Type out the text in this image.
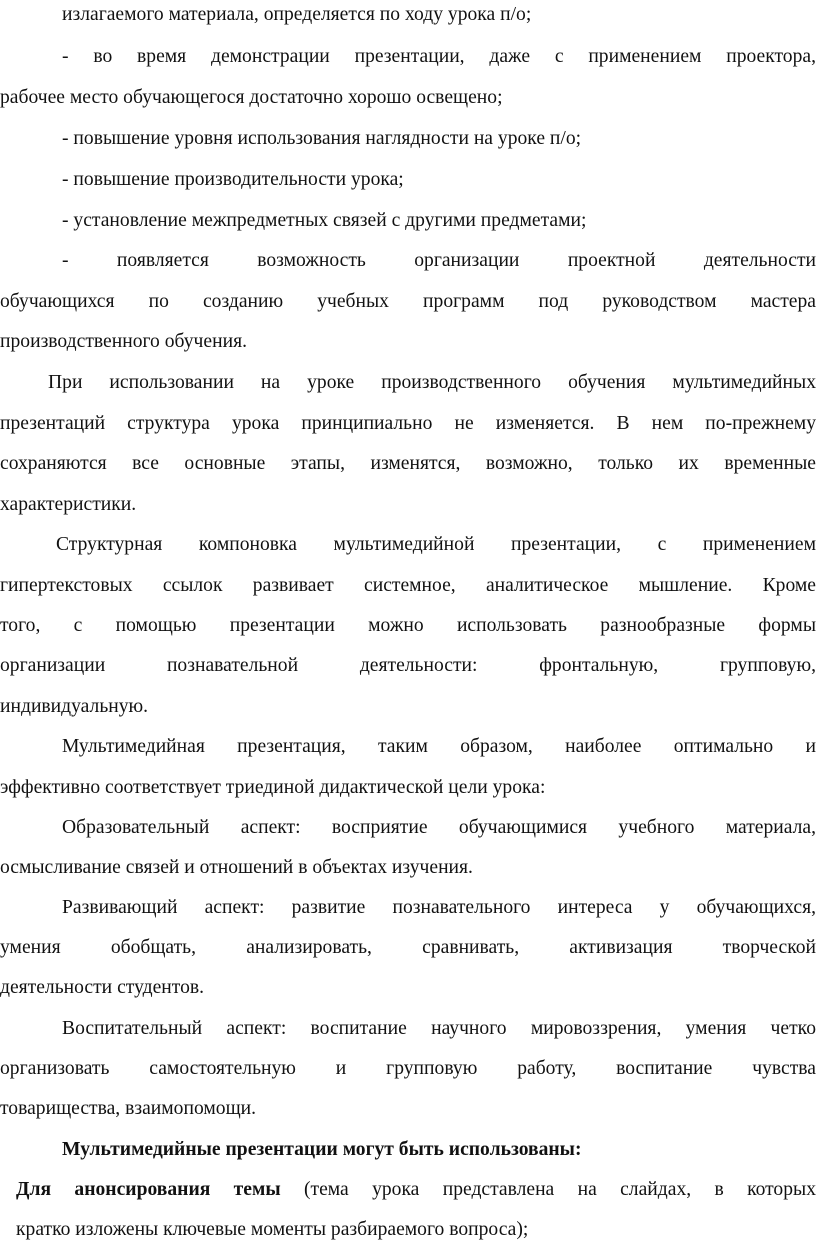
излагаемого материала, определяется по ходу урока п/о;
- во время демонстрации презентации, даже с применением проектора,
рабочее место обучающегося достаточно хорошо освещено;
- повышение уровня использования наглядности на уроке п/о;
- повышение производительности урока;
- установление межпредметных связей с другими предметами;
- появляется возможность организации проектной деятельности
обучающихся по созданию учебных программ под руководством мастера
производственного обучения.
При использовании на уроке производственного обучения мультимедийных
презентаций структура урока принципиально не изменяется. В нем по-прежнему
сохраняются все основные этапы, изменятся, возможно, только их временные
характеристики.
Структурная компоновка мультимедийной презентации, с применением
гипертекстовых ссылок развивает системное, аналитическое мышление. Кроме
того, с помощью презентации можно использовать разнообразные формы
организации познавательной деятельности: фронтальную, групповую,
индивидуальную.
Мультимедийная презентация, таким образом, наиболее оптимально и
эффективно соответствует триединой дидактической цели урока:
Образовательный аспект: восприятие обучающимися учебного материала,
осмысливание связей и отношений в объектах изучения.
Развивающий аспект: развитие познавательного интереса у обучающихся,
умения обобщать, анализировать, сравнивать, активизация творческой
деятельности студентов.
Воспитательный аспект: воспитание научного мировоззрения, умения четко
организовать самостоятельную и групповую работу, воспитание чувства
товарищества, взаимопомощи.
Мультимедийные презентации могут быть использованы:
Для анонсирования темы (тема урока представлена на слайдах, в которых
кратко изложены ключевые моменты разбираемого вопроса);
